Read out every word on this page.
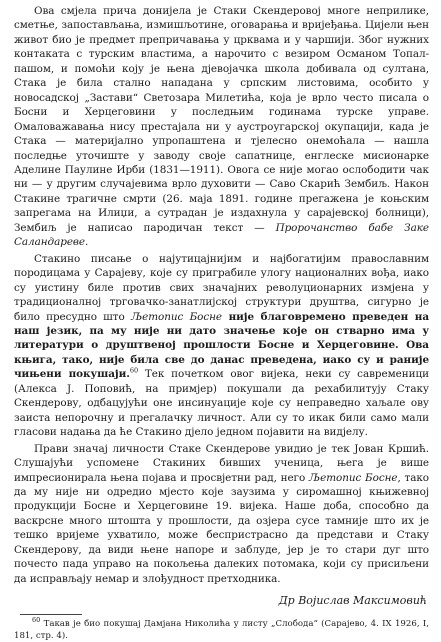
Ова смјела прича донијела је Стаки Скендеровој многе неприлике, сметње, запостављања, измишљотине, оговарања и вријеђања. Цијели њен живот био је предмет препричавања у црквама и у чаршији. Због нужних контаката с турским властима, а нарочито с везиром Османом Топал-пашом, и помоћи коју је њена дјевојачка школа добивала од султана, Стака је била стално нападана у српским листовима, особито у новосадској „Застави“ Светозара Милетића, која је врло често писала о Босни и Херцеговини у последњим годинама турске управе. Омаловажавања нису престајала ни у аустроугарској окупацији, када је Стака — материјално упропаштена и тјелесно онемоћала — нашла последње уточиште у заводу своје сапатнице, енглеске мисионарке Аделине Паулине Ирби (1831—1911). Овога се није могао ослободити чак ни — у другим случајевима врло духовити — Саво Скарић Зембиљ. Након Стакине трагичне смрти (26. маја 1891. године прегажена је коњским запрегама на Илиџи, а сутрадан је издахнула у сарајевској болници), Зембиљ је написао пародичан текст — Пророчанство бабе Заке Саландареве.

Стакино писање о најутицајнијим и најбогатијим православним породицама у Сарајеву, које су приграбиле улогу националних вођа, иако су уистину биле против свих значајних револуционарних измјена у традиционалној трговачко-занатлијској структури друштва, сигурно је било пресудно што Љетопис Босне није благовремено преведен на наш језик, па му није ни дато значење које он стварно има у литератури о друштвеној прошлости Босне и Херцеговине. Ова књига, тако, није била све до данас преведена, иако су и раније чињени покушаји.$^{60}$ Тек почетком овог вијека, неки су савременици (Алекса Ј. Поповић, на примјер) покушали да рехабилитују Стаку Скендерову, одбацујући оне инсинуације које су неправедно хаљале ову заиста непорочну и прегалачку личност. Али су то икак били само мали гласови надања да ће Стакино дјело једном појавити на видјелу.

Прави значај личности Стаке Скендерове увидио је тек Јован Кршић. Слушајући успомене Стакиних бивших ученица, њега је више импресионирала њена појава и просвјетни рад, него Љетопис Босне, тако да му није ни одредио мјесто које заузима у сиромашној књижевној продукцији Босне и Херцеговине 19. вијека. Наше доба, способно да васкрсне много штошта у прошлости, да озјера сусе тамније што их је тешко вријеме ухватило, може беспристрасно да представи и Стаку Скендерову, да види њене напоре и заблуде, јер је то стари дуг што почесто пада управо на покољења далеких потомака, који су присиљени да исправљају немар и злођудност претходника.

Др Војислав Максимовић

$^{60}$ Такав је био покушај Дамјана Николића у листу „Слобода“ (Сарајево, 4. IX 1926, I, 181, стр. 4).
